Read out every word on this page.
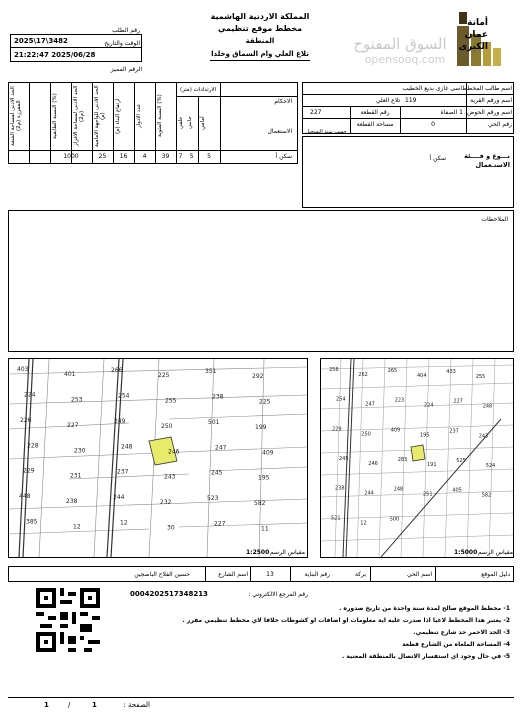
أمانة
عمان
الكبرى
السوق المفتوح
opensooq.com
المملكة الاردنية الهاشمية
مخطط موقع تنظيمي
المنطقة
تلاع العلي وام السماق وخلدا
رقم الطلب
2025\17\3482	الوقت والتاريخ
21:22:47 2025/06/28
الرقم المميز
الارتدادات (متر)
الاحكام
الاستعمال
أمامي
جانبي
خلفي
النسبة المئوية (%)
عدد الادوار
ارتفاع البناء (م)
الحد الادنى للواجهة الامامية (م)
الحد الادنى لمساحة الافراز (م2)
النسبة الطابقية (%)
الحد الادنى لمساحة الشقة المفرزة (م2)
سكن أ
5
5
7
39
4
16
25
1000
اسم طالب المخطط
اسى غازى بديع الخطيب
اسم ورقم القرية
تلاع العلي 119
اسم ورقم الحوض
1 الصفاة
رقم القطعة
227
رقم الحي
0
مساحة القطعة
حسب سند التسجيل
نـــوع و فــــئة الاستـعمال
سكن أ
الملاحظات
403
401
266
225
351
292
224
253
254
255
238
225
226
227
249
250
501
199
228
230
248
246
247
409
229
231
237
243
245
195
448
238
244
232
523
582
385
12
12
30
227
11
مقياس الرسم
1:2500
258
262
265
404
433
255
254
247
223
224
227
248
229
250
409
195
237
243
245
246
283
191
525
524
238
244
248
251
405
582
521
12
500
مقياس الرسم
1:5000
دليل الموقع
اسم الحي
بركة
رقم البناية
13
اسم الشارع
حسين الفلاح الباصجين
رقم المرجع الالكتروني :
0004202517348213
1- مخطط الموقع صالح لمدة سنة واحدة من تاريخ صدوره .
2- يعتبر هذا المخطط لاغيا اذا صدرت عليه اية معلومات او اضافات او كشوطات خلافا لاي مخطط تنظيمي مقرر .
3- الحد الاحمر حد شارع تنظيمي.
4- المساحة الملغاه من الشارع قطعة
5- في حال وجود اي استفسار الاتصال بالمنطقة المعنية .
الصفحة :
1
/
1
